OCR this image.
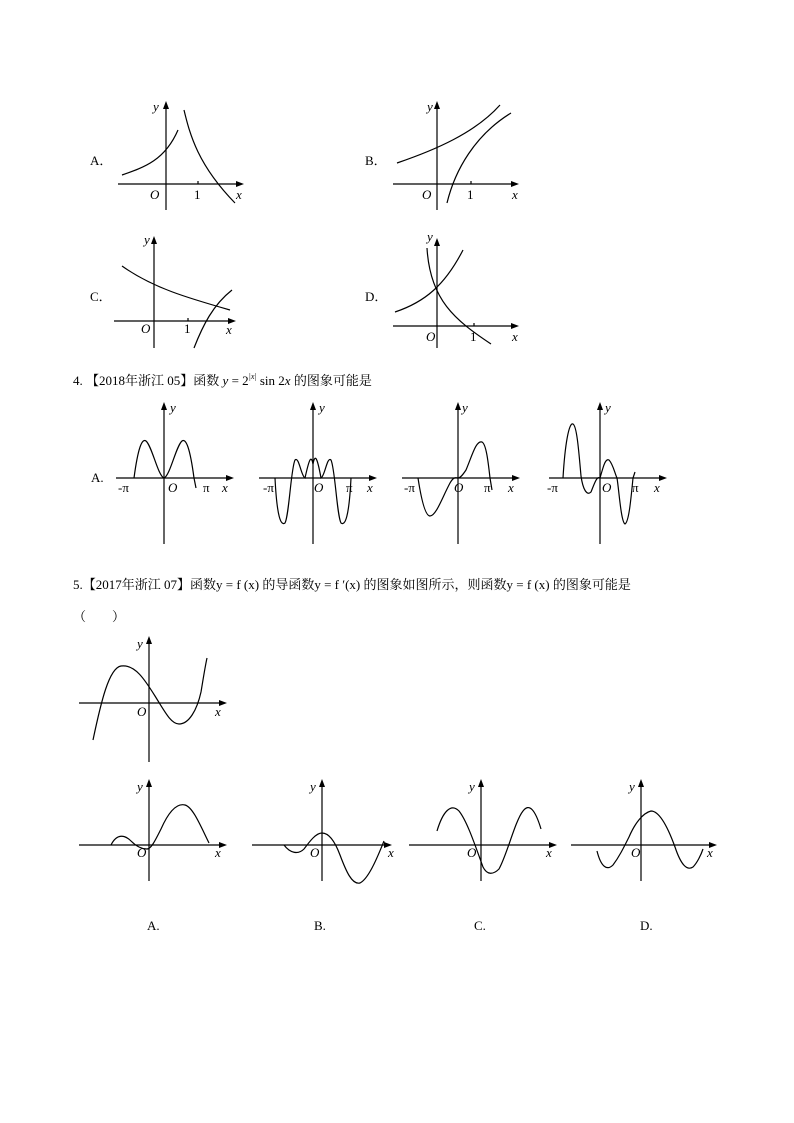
A．
y
x
O	1
B．
y
x
O	1
C．
y
x
O	1
D．
y
x
O	1
4. 【2018年浙江 05】函数 $y = 2^{|x|}$ sin 2x 的图象可能是
A.
y
x
O
-π	π
y
x
O
-π	π
y
x
O
-π	π
y
x
O
-π	π
5.【2017年浙江 07】函数y = f (x) 的导函数y = f ′(x) 的图象如图所示，则函数y = f (x) 的图象可能是
（　　）
y
x
O
y
x
O
y
x
O
y
x
O
y
x
O
A.	B.	C.	D.
